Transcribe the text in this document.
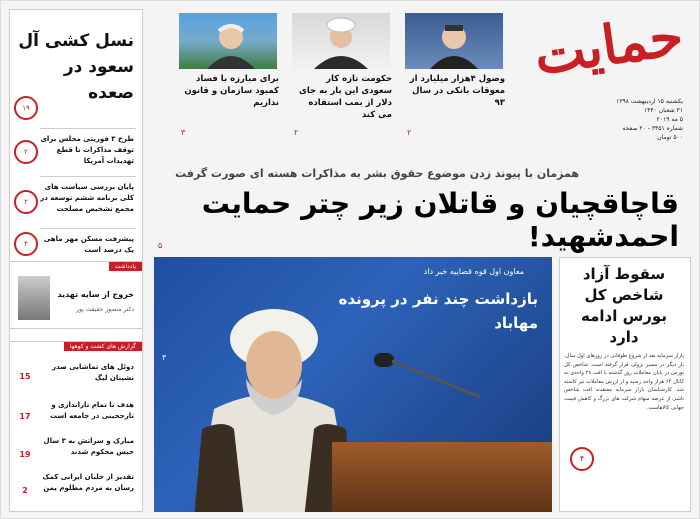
نسل کشی آل سعود در صعده
۱۹
طرح ۳ فوریتی مجلس برای توقف مذاکرات تا قطع تهدیدات آمریکا
۲
پایان بررسی سیاست های کلی برنامه ششم توسعه در مجمع تشخیص مصلحت
۲
پیشرفت مسکن مهر ماهی یک درصد است
۴
یادداشت
خروج از سایه تهدید
دکتر منصور حقیقت پور
گزارش های کشت و کوهها
دوئل های تماشایی صدر نشینان لیگ
15
هدف نا تمام تاراندازی و تارجحینی در جامعه است
17
مبارک و سراتش به ۳ سال حبس محکوم شدند
19
تقدیر از خلبان ایرانی کمک رسان به مردم مظلوم یمن
2
حمایت
یکشنبه ۱۵ اردیبهشت ۱۳۹۸
۳۱ شعبان ۱۴۴۰
۵ مه ۲۰۱۹
شماره ۳۴۵۱ - ۲۰ صفحه
۵۰۰ تومان
وصول ۴هزار میلیارد از معوقات بانکی در سال ۹۳
۲
حکومت تازه کار سعودی این بار به جای دلار از بمب استفاده می کند
۲
برای مبارزه با فساد کمبود سازمان و قانون نداریم
۳
همزمان با پیوند زدن موضوع حقوق بشر به مذاکرات هسته ای صورت گرفت
قاچاقچیان و قاتلان زیر چتر حمایت احمدشهید!
۵
معاون اول قوه قضاییه خبر داد
بازداشت چند نفر در پرونده مهاباد
۳
سقوط آزاد شاخص کل بورس ادامه دارد
بازار سرمایه بعد از شروع طوفانی در روزهای اول سال، بار دیگر در مسیر نزولی قرار گرفته است. شاخص کل بورس در پایان معاملات روز گذشته با افت ۲۸ واحدی به کانال ۶۴ هزار واحد رسید و از ارزش معاملات نیز کاسته شد. کارشناسان بازار سرمایه معتقدند افت شاخص ناشی از عرضه سهام شرکت های بزرگ و کاهش قیمت جهانی کالاهاست.
۴
